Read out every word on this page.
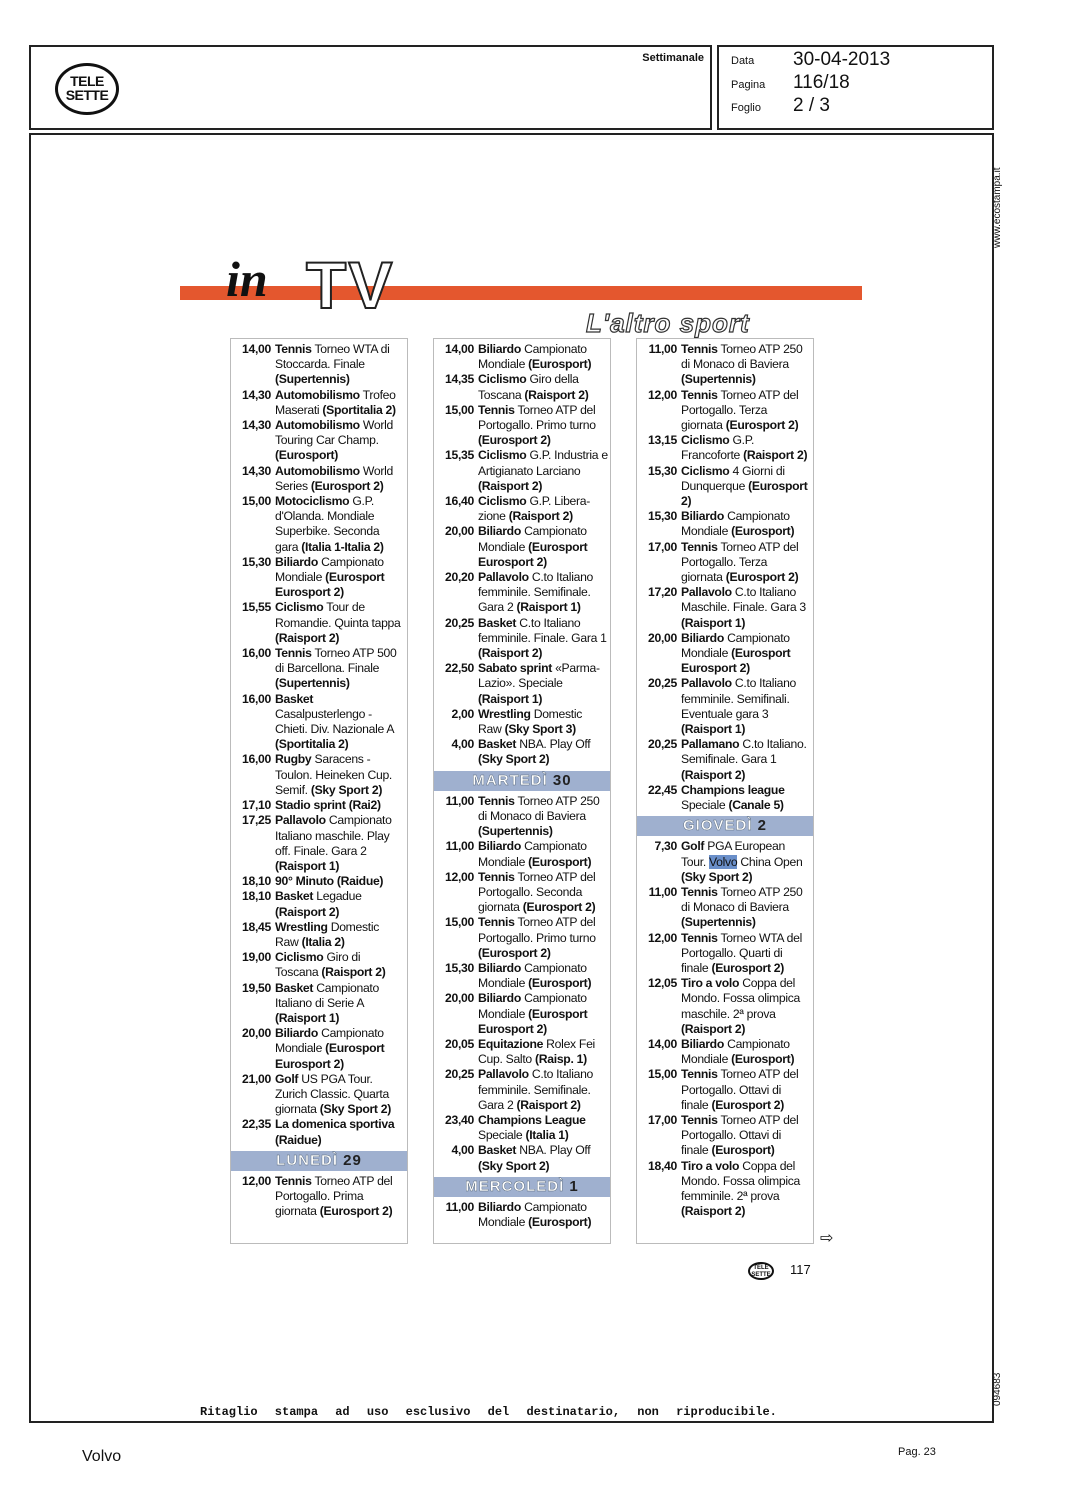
TELE
SETTE
Settimanale Data 30-04-2013
Pagina 116/18
Foglio 2 / 3
www.ecostampa.it
094683
in TV
L'altro sport
14,00 Tennis Torneo WTA di Stoccarda. Finale (Supertennis)
14,30 Automobilismo Trofeo Maserati (Sportitalia 2)
14,30 Automobilismo World Touring Car Champ. (Eurosport)
14,30 Automobilismo World Series (Eurosport 2)
15,00 Motociclismo G.P. d'Olanda. Mondiale Superbike. Seconda gara (Italia 1-Italia 2)
15,30 Biliardo Campionato Mondiale (Eurosport Eurosport 2)
15,55 Ciclismo Tour de Romandie. Quinta tappa (Raisport 2)
16,00 Tennis Torneo ATP 500 di Barcellona. Finale (Supertennis)
16,00 Basket Casalpusterlengo - Chieti. Div. Nazionale A (Sportitalia 2)
16,00 Rugby Saracens - Toulon. Heineken Cup. Semif. (Sky Sport 2)
17,10 Stadio sprint (Rai2)
17,25 Pallavolo Campionato Italiano maschile. Play off. Finale. Gara 2 (Raisport 1)
18,10 90° Minuto (Raidue)
18,10 Basket Legadue (Raisport 2)
18,45 Wrestling Domestic Raw (Italia 2)
19,00 Ciclismo Giro di Toscana (Raisport 2)
19,50 Basket Campionato Italiano di Serie A (Raisport 1)
20,00 Biliardo Campionato Mondiale (Eurosport Eurosport 2)
21,00 Golf US PGA Tour. Zurich Classic. Quarta giornata (Sky Sport 2)
22,35 La domenica sportiva (Raidue)
LUNEDÌ 29
12,00 Tennis Torneo ATP del Portogallo. Prima giornata (Eurosport 2)
14,00 Biliardo Campionato Mondiale (Eurosport)
14,35 Ciclismo Giro della Toscana (Raisport 2)
15,00 Tennis Torneo ATP del Portogallo. Primo turno (Eurosport 2)
15,35 Ciclismo G.P. Industria e Artigianato Larciano (Raisport 2)
16,40 Ciclismo G.P. Libera-zione (Raisport 2)
20,00 Biliardo Campionato Mondiale (Eurosport Eurosport 2)
20,20 Pallavolo C.to Italiano femminile. Semifinale. Gara 2 (Raisport 1)
20,25 Basket C.to Italiano femminile. Finale. Gara 1 (Raisport 2)
22,50 Sabato sprint «Parma-Lazio». Speciale (Raisport 1)
2,00 Wrestling Domestic Raw (Sky Sport 3)
4,00 Basket NBA. Play Off (Sky Sport 2)
MARTEDÌ 30
11,00 Tennis Torneo ATP 250 di Monaco di Baviera (Supertennis)
11,00 Biliardo Campionato Mondiale (Eurosport)
12,00 Tennis Torneo ATP del Portogallo. Seconda giornata (Eurosport 2)
15,00 Tennis Torneo ATP del Portogallo. Primo turno (Eurosport 2)
15,30 Biliardo Campionato Mondiale (Eurosport)
20,00 Biliardo Campionato Mondiale (Eurosport Eurosport 2)
20,05 Equitazione Rolex Fei Cup. Salto (Raisp. 1)
20,25 Pallavolo C.to Italiano femminile. Semifinale. Gara 2 (Raisport 2)
23,40 Champions League Speciale (Italia 1)
4,00 Basket NBA. Play Off (Sky Sport 2)
MERCOLEDÌ 1
11,00 Biliardo Campionato Mondiale (Eurosport)
11,00 Tennis Torneo ATP 250 di Monaco di Baviera (Supertennis)
12,00 Tennis Torneo ATP del Portogallo. Terza giornata (Eurosport 2)
13,15 Ciclismo G.P. Francoforte (Raisport 2)
15,30 Ciclismo 4 Giorni di Dunquerque (Eurosport 2)
15,30 Biliardo Campionato Mondiale (Eurosport)
17,00 Tennis Torneo ATP del Portogallo. Terza giornata (Eurosport 2)
17,20 Pallavolo C.to Italiano Maschile. Finale. Gara 3 (Raisport 1)
20,00 Biliardo Campionato Mondiale (Eurosport Eurosport 2)
20,25 Pallavolo C.to Italiano femminile. Semifinali. Eventuale gara 3 (Raisport 1)
20,25 Pallamano C.to Italiano. Semifinale. Gara 1 (Raisport 2)
22,45 Champions league Speciale (Canale 5)
GIOVEDÌ 2
7,30 Golf PGA European Tour. Volvo China Open (Sky Sport 2)
11,00 Tennis Torneo ATP 250 di Monaco di Baviera (Supertennis)
12,00 Tennis Torneo WTA del Portogallo. Quarti di finale (Eurosport 2)
12,05 Tiro a volo Coppa del Mondo. Fossa olimpica maschile. 2ª prova (Raisport 2)
14,00 Biliardo Campionato Mondiale (Eurosport)
15,00 Tennis Torneo ATP del Portogallo. Ottavi di finale (Eurosport 2)
17,00 Tennis Torneo ATP del Portogallo. Ottavi di finale (Eurosport)
18,40 Tiro a volo Coppa del Mondo. Fossa olimpica femminile. 2ª prova (Raisport 2)
⇨
TELE
SETTE 117
Ritaglio stampa ad uso esclusivo del destinatario, non riproducibile.
Volvo	Pag. 23
